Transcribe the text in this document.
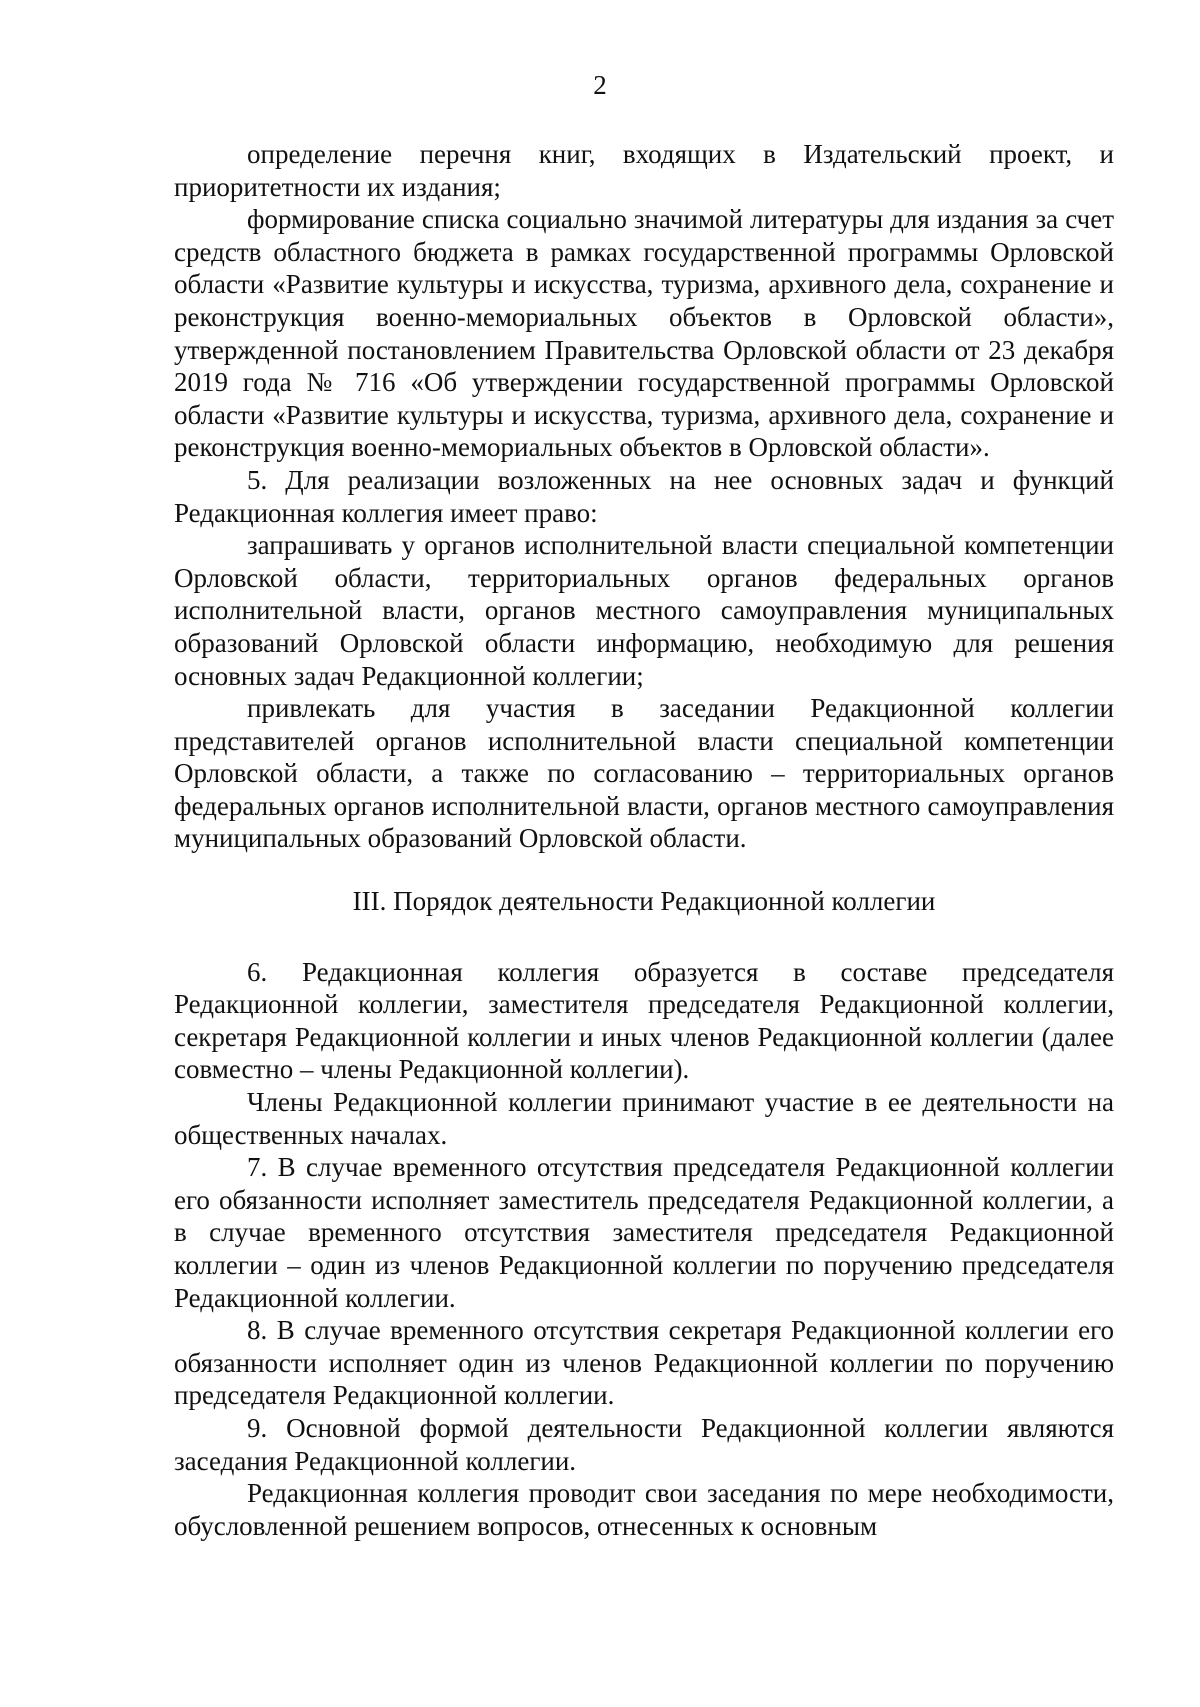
2

определение перечня книг, входящих в Издательский проект, и приоритетности их издания;

формирование списка социально значимой литературы для издания за счет средств областного бюджета в рамках государственной программы Орловской области «Развитие культуры и искусства, туризма, архивного дела, сохранение и реконструкция военно-мемориальных объектов в Орловской области», утвержденной постановлением Правительства Орловской области от 23 декабря 2019 года № 716 «Об утверждении государственной программы Орловской области «Развитие культуры и искусства, туризма, архивного дела, сохранение и реконструкция военно-мемориальных объектов в Орловской области».

5. Для реализации возложенных на нее основных задач и функций Редакционная коллегия имеет право:

запрашивать у органов исполнительной власти специальной компетенции Орловской области, территориальных органов федеральных органов исполнительной власти, органов местного самоуправления муниципальных образований Орловской области информацию, необходимую для решения основных задач Редакционной коллегии;

привлекать для участия в заседании Редакционной коллегии представителей органов исполнительной власти специальной компетенции Орловской области, а также по согласованию – территориальных органов федеральных органов исполнительной власти, органов местного самоуправления муниципальных образований Орловской области.

III. Порядок деятельности Редакционной коллегии

6. Редакционная коллегия образуется в составе председателя Редакционной коллегии, заместителя председателя Редакционной коллегии, секретаря Редакционной коллегии и иных членов Редакционной коллегии (далее совместно – члены Редакционной коллегии).

Члены Редакционной коллегии принимают участие в ее деятельности на общественных началах.

7. В случае временного отсутствия председателя Редакционной коллегии его обязанности исполняет заместитель председателя Редакционной коллегии, а в случае временного отсутствия заместителя председателя Редакционной коллегии – один из членов Редакционной коллегии по поручению председателя Редакционной коллегии.

8. В случае временного отсутствия секретаря Редакционной коллегии его обязанности исполняет один из членов Редакционной коллегии по поручению председателя Редакционной коллегии.

9. Основной формой деятельности Редакционной коллегии являются заседания Редакционной коллегии.

Редакционная коллегия проводит свои заседания по мере необходимости, обусловленной решением вопросов, отнесенных к основным
